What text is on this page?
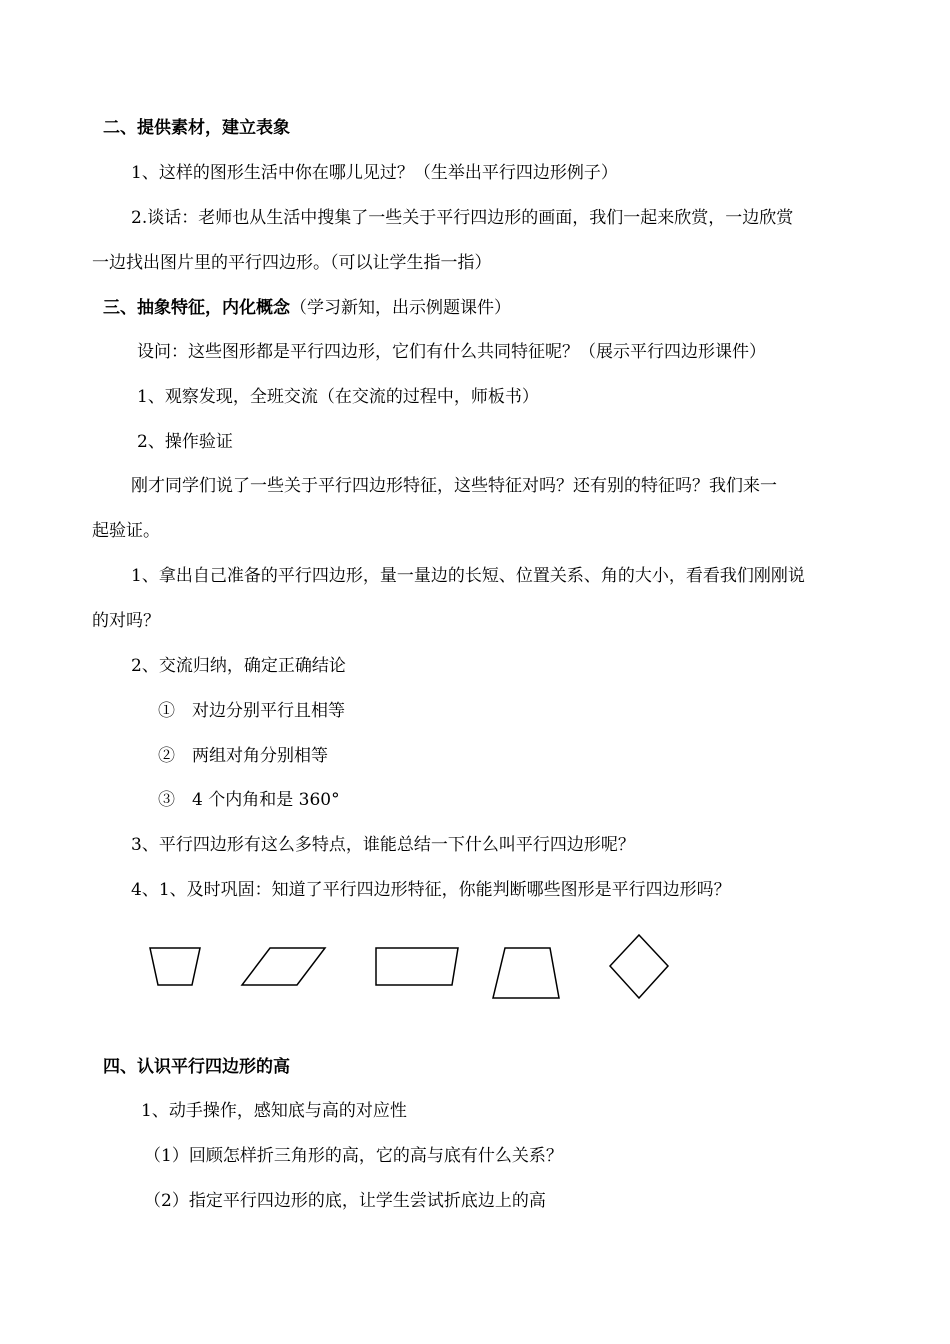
二、提供素材，建立表象
1、这样的图形生活中你在哪儿见过？（生举出平行四边形例子）
2.谈话：老师也从生活中搜集了一些关于平行四边形的画面，我们一起来欣赏，一边欣赏
一边找出图片里的平行四边形。（可以让学生指一指）
三、抽象特征，内化概念（学习新知，出示例题课件）
设问：这些图形都是平行四边形，它们有什么共同特征呢？（展示平行四边形课件）
1、观察发现，全班交流（在交流的过程中，师板书）
2、操作验证
刚才同学们说了一些关于平行四边形特征，这些特征对吗？还有别的特征吗？我们来一
起验证。
1、拿出自己准备的平行四边形，量一量边的长短、位置关系、角的大小，看看我们刚刚说
的对吗？
2、交流归纳，确定正确结论
①　对边分别平行且相等
②　两组对角分别相等
③　4 个内角和是 360°
3、平行四边形有这么多特点，谁能总结一下什么叫平行四边形呢？
4、1、及时巩固：知道了平行四边形特征，你能判断哪些图形是平行四边形吗？
四、认识平行四边形的高
1、动手操作，感知底与高的对应性
（1）回顾怎样折三角形的高，它的高与底有什么关系？
（2）指定平行四边形的底，让学生尝试折底边上的高
